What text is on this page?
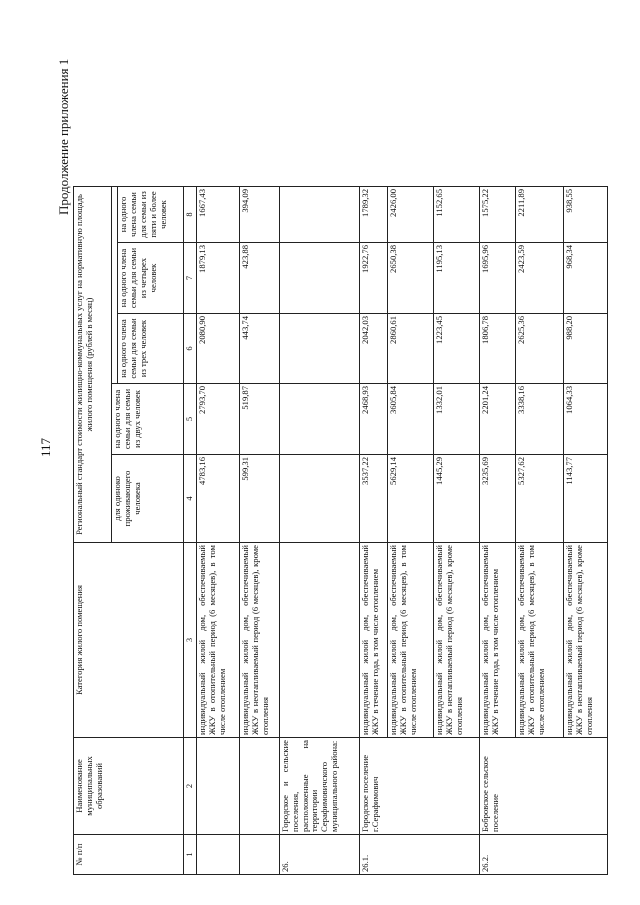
117
Продолжение приложения 1
№ п/п	Наименование муниципальных образований	Категория жилого помещения	Региональный стандарт стоимости жилищно-коммунальных услуг на нормативную площадь жилого помещения (рублей в месяц)				
			для одиноко проживающего человека	на одного члена семьи для семьи из двух человек			
					на одного члена семьи для семьи из трех человек	на одного члена семьи для семьи из четырех человек	на одного члена семьи для семьи из пяти и более человек
1	2	3	4	5	6	7	8
		индивидуальный жилой дом, обеспечиваемый ЖКУ в отопительный период (6 месяцев), в том числе отоплением	4783,16	2793,70	2080,90	1879,13	1667,43
		индивидуальный жилой дом, обеспечиваемый ЖКУ в неотапливаемый период (6 месяцев), кроме отопления	599,31	519,87	443,74	423,88	394,09
26.	Городское и сельские поселения, расположенные на территории Серафимовичского муниципального района:						
26.1.	Городское поселение г.Серафимович	индивидуальный жилой дом, обеспечиваемый ЖКУ в течение года, в том числе отоплением	3537,22	2468,93	2042,03	1922,76	1789,32
		индивидуальный жилой дом, обеспечиваемый ЖКУ в отопительный период (6 месяцев), в том числе отоплением	5629,14	3605,84	2860,61	2650,38	2426,00
		индивидуальный жилой дом, обеспечиваемый ЖКУ в неотапливаемый период (6 месяцев), кроме отопления	1445,29	1332,01	1223,45	1195,13	1152,65
26.2.	Бобровское сельское поселение	индивидуальный жилой дом, обеспечиваемый ЖКУ в течение года, в том числе отоплением	3235,69	2201,24	1806,78	1695,96	1575,22
		индивидуальный жилой дом, обеспечиваемый ЖКУ в отопительный период (6 месяцев), в том числе отоплением	5327,62	3338,16	2625,36	2423,59	2211,89
		индивидуальный жилой дом, обеспечиваемый ЖКУ в неотапливаемый период (6 месяцев), кроме отопления	1143,77	1064,33	988,20	968,34	938,55
